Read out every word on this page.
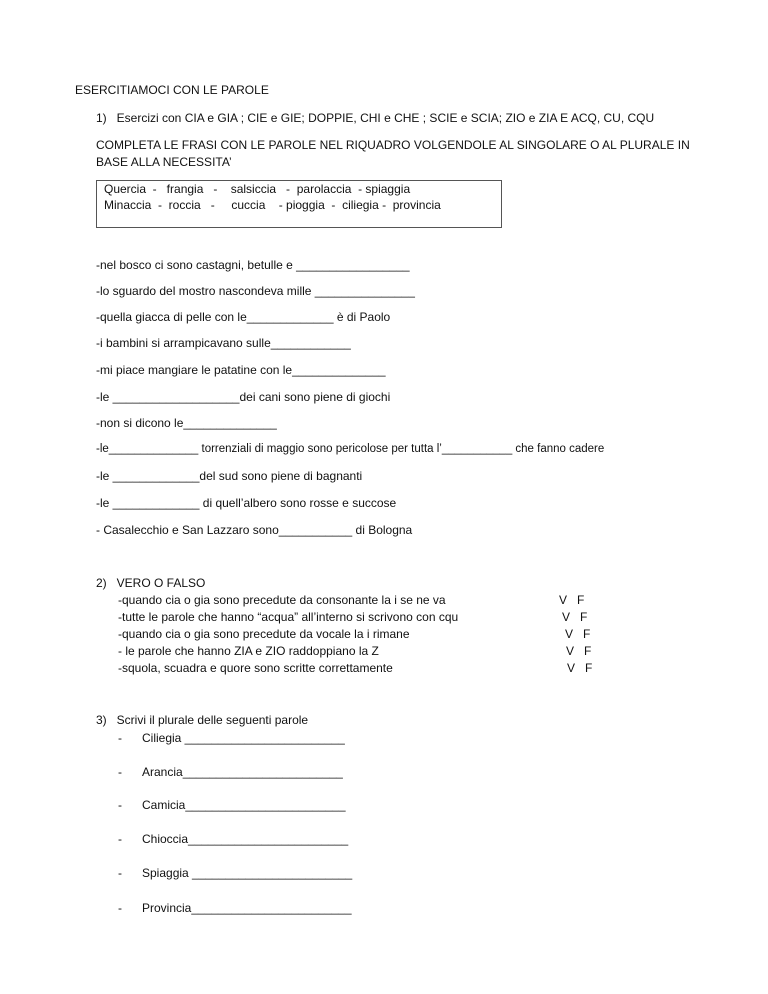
ESERCITIAMOCI CON LE PAROLE
1)   Esercizi con CIA e GIA ; CIE e GIE; DOPPIE, CHI e CHE ; SCIE e SCIA; ZIO e ZIA E ACQ, CU, CQU
COMPLETA LE FRASI CON LE PAROLE NEL RIQUADRO VOLGENDOLE AL SINGOLARE O AL PLURALE IN
BASE ALLA NECESSITA’
Quercia  -   frangia   -    salsiccia   -  parolaccia  - spiaggia
Minaccia  -  roccia   -     cuccia    - pioggia  -  ciliegia -  provincia
-nel bosco ci sono castagni, betulle e _________________
-lo sguardo del mostro nascondeva mille _______________
-quella giacca di pelle con le_____________ è di Paolo
-i bambini si arrampicavano sulle____________
-mi piace mangiare le patatine con le______________
-le ___________________dei cani sono piene di giochi
-non si dicono le______________
-le______________ torrenziali di maggio sono pericolose per tutta l’___________ che fanno cadere
-le _____________del sud sono piene di bagnanti
-le _____________ di quell’albero sono rosse e succose
- Casalecchio e San Lazzaro sono___________ di Bologna
2)   VERO O FALSO
-quando cia o gia sono precedute da consonante la i se ne va	V   F
-tutte le parole che hanno “acqua” all’interno si scrivono con cqu	V   F
-quando cia o gia sono precedute da vocale la i rimane	V   F
- le parole che hanno ZIA e ZIO raddoppiano la Z	V   F
-squola, scuadra e quore sono scritte correttamente	V   F
3)   Scrivi il plurale delle seguenti parole
- Ciliegia ________________________
- Arancia________________________
- Camicia________________________
- Chioccia________________________
- Spiaggia ________________________
- Provincia________________________
